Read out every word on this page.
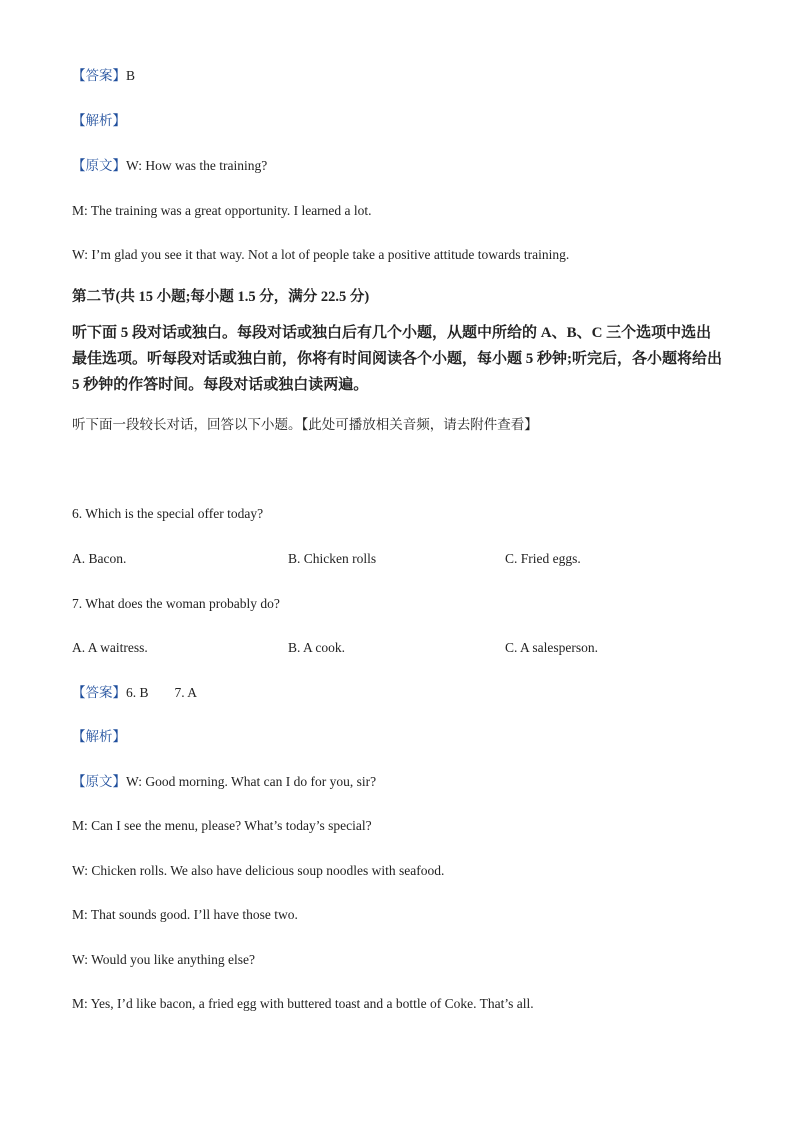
【答案】B
【解析】
【原文】W: How was the training?
M: The training was a great opportunity. I learned a lot.
W: I’m glad you see it that way. Not a lot of people take a positive attitude towards training.
第二节(共 15 小题;每小题 1.5 分，满分 22.5 分)
听下面 5 段对话或独白。每段对话或独白后有几个小题，从题中所给的 A、B、C 三个选项中选出最佳选项。听每段对话或独白前，你将有时间阅读各个小题，每小题 5 秒钟;听完后，各小题将给出 5 秒钟的作答时间。每段对话或独白读两遍。
听下面一段较长对话，回答以下小题。【此处可播放相关音频，请去附件查看】
6. Which is the special offer today?
A. Bacon.	B. Chicken rolls	C. Fried eggs.
7. What does the woman probably do?
A. A waitress.	B. A cook.	C. A salesperson.
【答案】6. B 7. A
【解析】
【原文】W: Good morning. What can I do for you, sir?
M: Can I see the menu, please? What’s today’s special?
W: Chicken rolls. We also have delicious soup noodles with seafood.
M: That sounds good. I’ll have those two.
W: Would you like anything else?
M: Yes, I’d like bacon, a fried egg with buttered toast and a bottle of Coke. That’s all.
